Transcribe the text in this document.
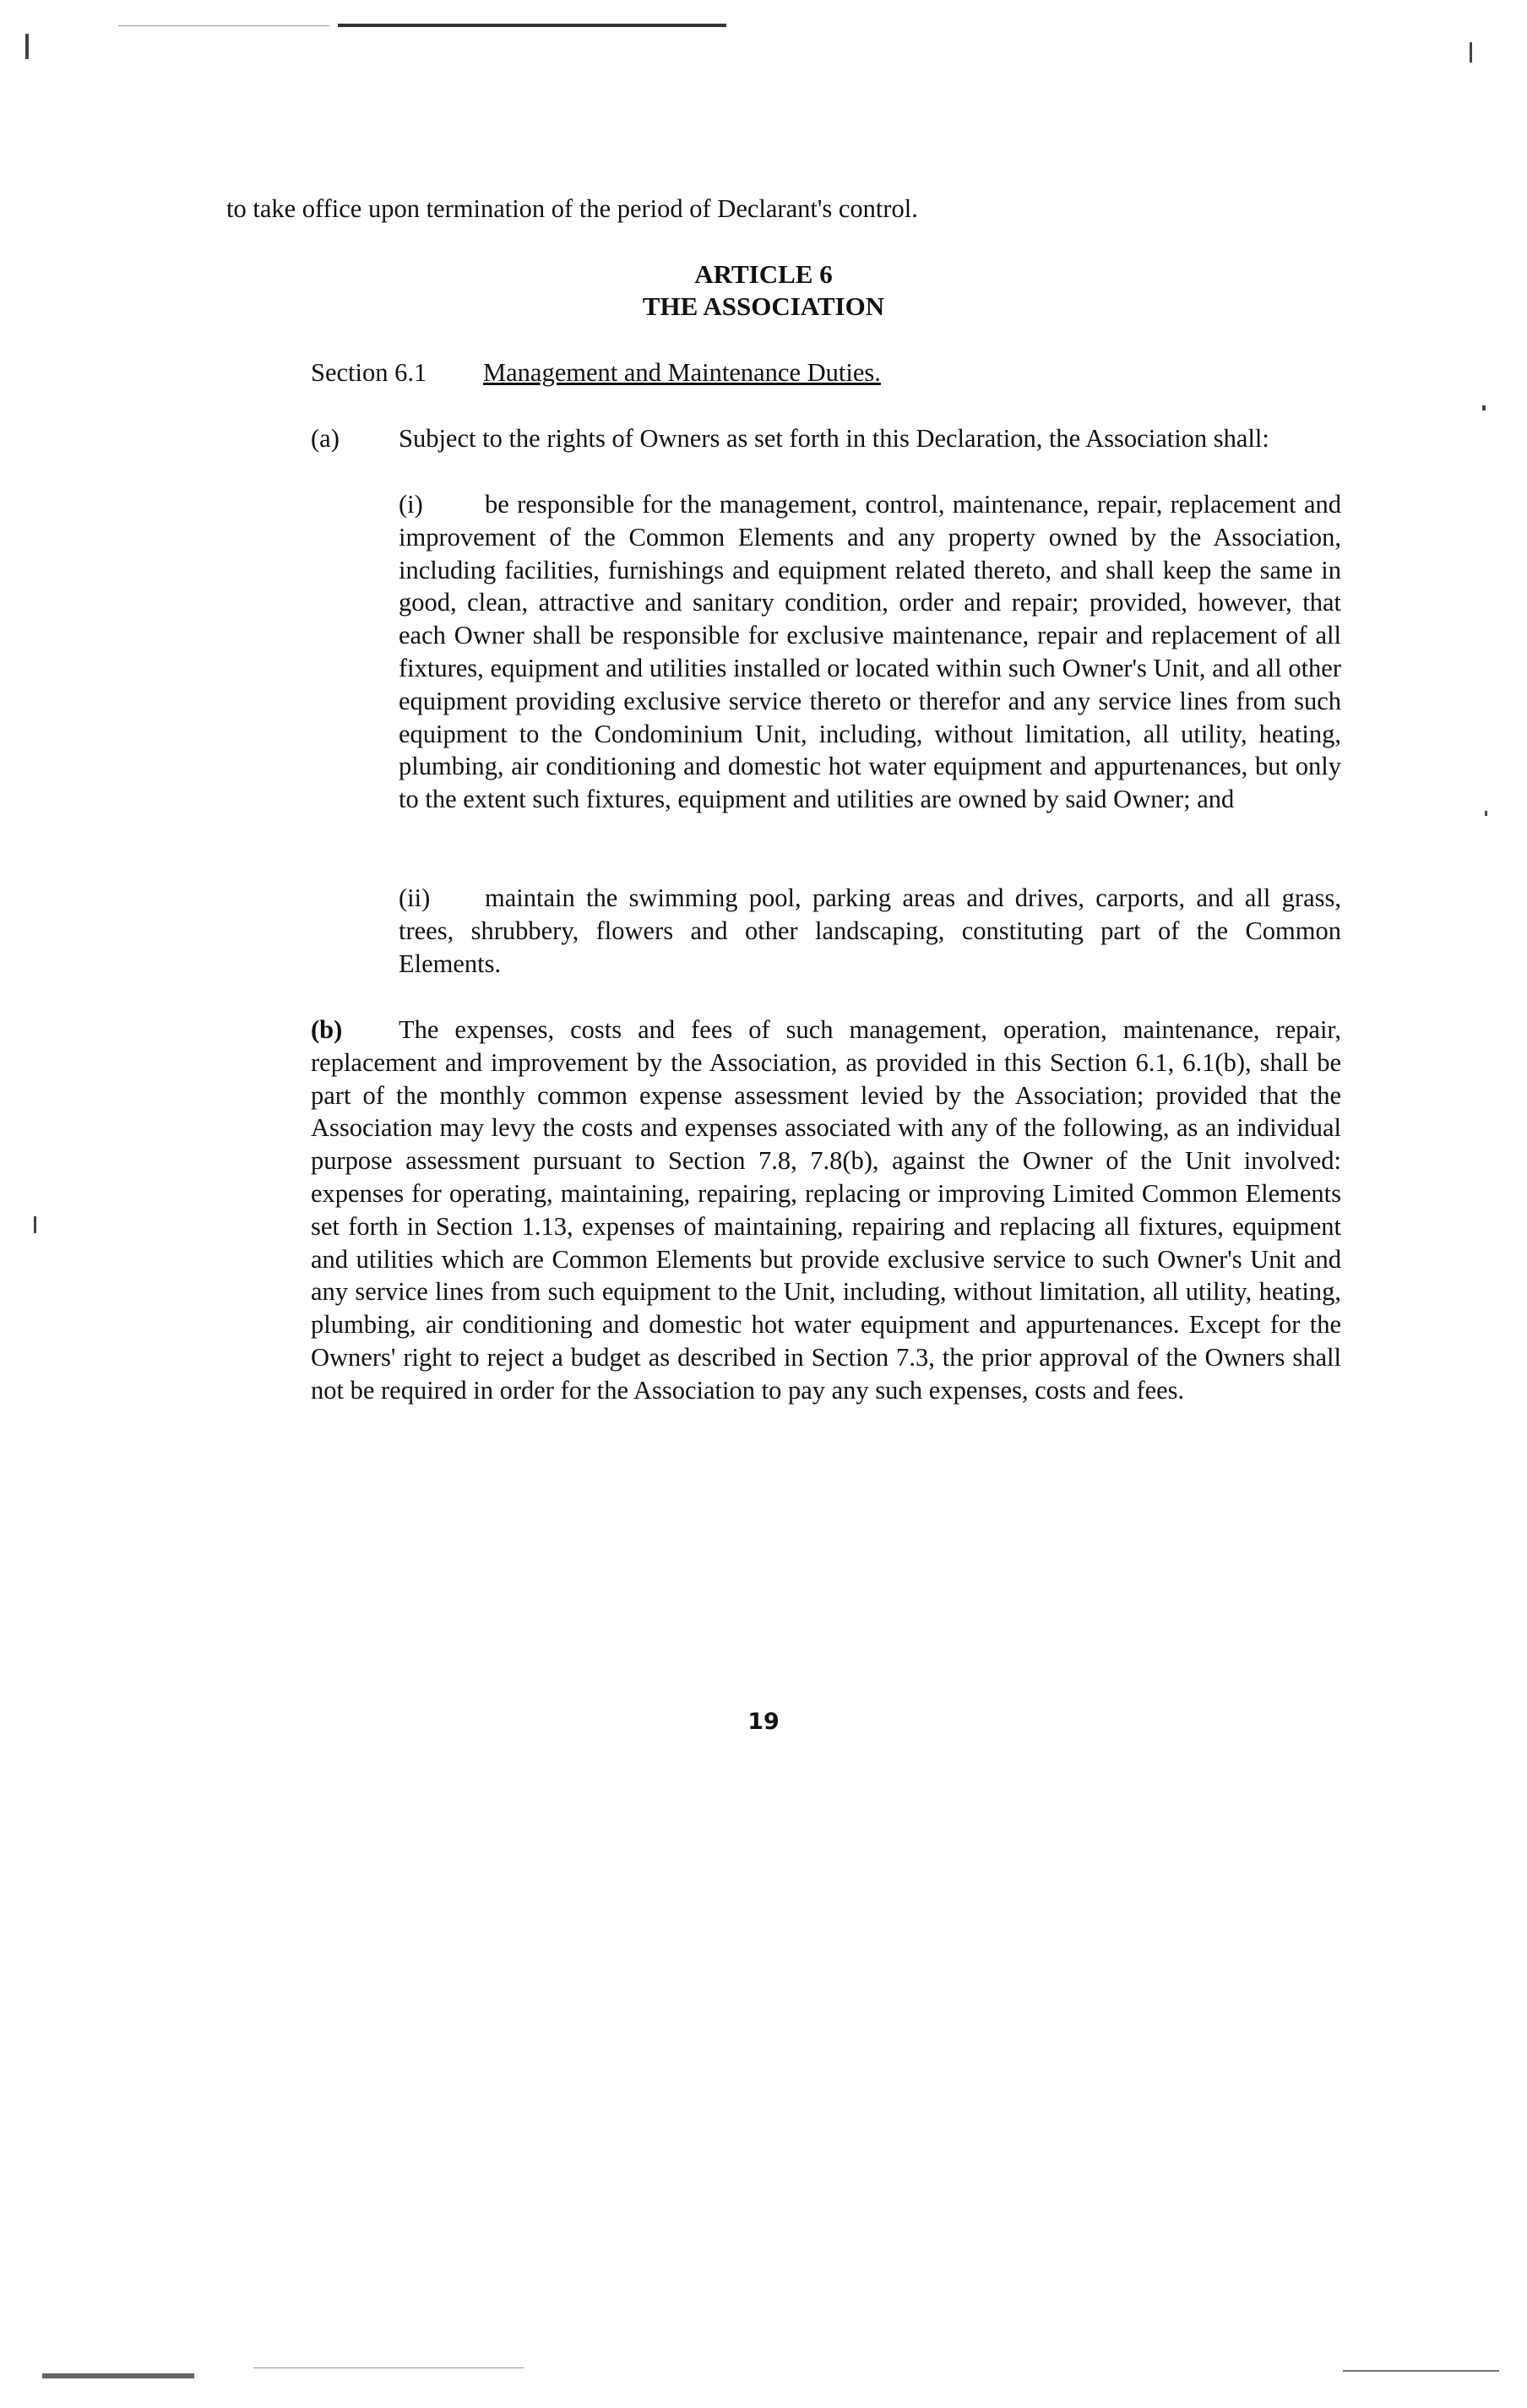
to take office upon termination of the period of Declarant's control.
ARTICLE 6
THE ASSOCIATION
Section 6.1 Management and Maintenance Duties.
(a) Subject to the rights of Owners as set forth in this Declaration, the Association shall:
(i)	be responsible for the management, control, maintenance, repair, replacement and improvement of the Common Elements and any property owned by the Association, including facilities, furnishings and equipment related thereto, and shall keep the same in good, clean, attractive and sanitary condition, order and repair; provided, however, that each Owner shall be responsible for exclusive maintenance, repair and replacement of all fixtures, equipment and utilities installed or located within such Owner's Unit, and all other equipment providing exclusive service thereto or therefor and any service lines from such equipment to the Condominium Unit, including, without limitation, all utility, heating, plumbing, air conditioning and domestic hot water equipment and appurtenances, but only to the extent such fixtures, equipment and utilities are owned by said Owner; and
(ii)	maintain the swimming pool, parking areas and drives, carports, and all grass, trees, shrubbery, flowers and other landscaping, constituting part of the Common Elements.
(b)	The expenses, costs and fees of such management, operation, maintenance, repair, replacement and improvement by the Association, as provided in this Section 6.1, 6.1(b), shall be part of the monthly common expense assessment levied by the Association; provided that the Association may levy the costs and expenses associated with any of the following, as an individual purpose assessment pursuant to Section 7.8, 7.8(b), against the Owner of the Unit involved: expenses for operating, maintaining, repairing, replacing or improving Limited Common Elements set forth in Section 1.13, expenses of maintaining, repairing and replacing all fixtures, equipment and utilities which are Common Elements but provide exclusive service to such Owner's Unit and any service lines from such equipment to the Unit, including, without limitation, all utility, heating, plumbing, air conditioning and domestic hot water equipment and appurtenances. Except for the Owners' right to reject a budget as described in Section 7.3, the prior approval of the Owners shall not be required in order for the Association to pay any such expenses, costs and fees.
19
